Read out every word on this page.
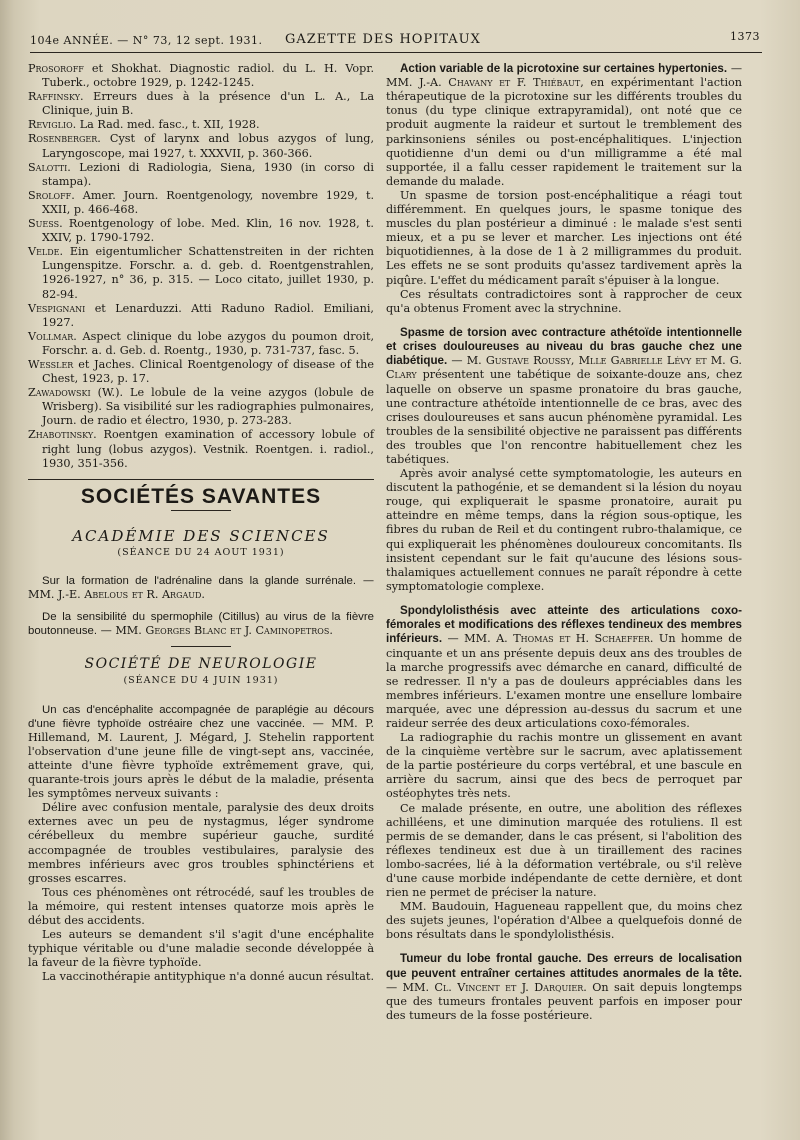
104e ANNÉE. — N° 73, 12 sept. 1931. GAZETTE DES HOPITAUX	1373

Prosoroff et Shokhat. Diagnostic radiol. du L. H. Vopr. Tuberk., octobre 1929, p. 1242-1245.

Raffinsky. Erreurs dues à la présence d'un L. A., La Clinique, juin B.

Reviglio. La Rad. med. fasc., t. XII, 1928.

Rosenberger. Cyst of larynx and lobus azygos of lung, Laryngoscope, mai 1927, t. XXXVII, p. 360-366.

Salotti. Lezioni di Radiologia, Siena, 1930 (in corso di stampa).

Sroloff. Amer. Journ. Roentgenology, novembre 1929, t. XXII, p. 466-468.

Suess. Roentgenology of lobe. Med. Klin, 16 nov. 1928, t. XXIV, p. 1790-1792.

Velde. Ein eigentumlicher Schattenstreiten in der richten Lungenspitze. Forschr. a. d. geb. d. Roentgenstrahlen, 1926-1927, n° 36, p. 315. — Loco citato, juillet 1930, p. 82-94.

Vespignani et Lenarduzzi. Atti Raduno Radiol. Emiliani, 1927.

Vollmar. Aspect clinique du lobe azygos du poumon droit, Forschr. a. d. Geb. d. Roentg., 1930, p. 731-737, fasc. 5.

Wessler et Jaches. Clinical Roentgenology of disease of the Chest, 1923, p. 17.

Zawadowski (W.). Le lobule de la veine azygos (lobule de Wrisberg). Sa visibilité sur les radiographies pulmonaires, Journ. de radio et électro, 1930, p. 273-283.

Zhabotinsky. Roentgen examination of accessory lobule of right lung (lobus azygos). Vestnik. Roentgen. i. radiol., 1930, 351-356.

SOCIÉTÉS SAVANTES
ACADÉMIE DES SCIENCES
(SÉANCE DU 24 AOUT 1931)

Sur la formation de l'adrénaline dans la glande surrénale. — MM. J.-E. Abelous et R. Argaud.

De la sensibilité du spermophile (Citillus) au virus de la fièvre boutonneuse. — MM. Georges Blanc et J. Caminopetros.

SOCIÉTÉ DE NEUROLOGIE
(SÉANCE DU 4 JUIN 1931)

Un cas d'encéphalite accompagnée de paraplégie au décours d'une fièvre typhoïde ostréaire chez une vaccinée. — MM. P. Hillemand, M. Laurent, J. Mégard, J. Stehelin rapportent l'observation d'une jeune fille de vingt-sept ans, vaccinée, atteinte d'une fièvre typhoïde extrêmement grave, qui, quarante-trois jours après le début de la maladie, présenta les symptômes nerveux suivants :

Délire avec confusion mentale, paralysie des deux droits externes avec un peu de nystagmus, léger syndrome cérébelleux du membre supérieur gauche, surdité accompagnée de troubles vestibulaires, paralysie des membres inférieurs avec gros troubles sphinctériens et grosses escarres.

Tous ces phénomènes ont rétrocédé, sauf les troubles de la mémoire, qui restent intenses quatorze mois après le début des accidents.

Les auteurs se demandent s'il s'agit d'une encéphalite typhique véritable ou d'une maladie seconde développée à la faveur de la fièvre typhoïde.

La vaccinothérapie antityphique n'a donné aucun résultat.

Action variable de la picrotoxine sur certaines hypertonies. — MM. J.-A. Chavany et F. Thiébaut, en expérimentant l'action thérapeutique de la picrotoxine sur les différents troubles du tonus (du type clinique extrapyramidal), ont noté que ce produit augmente la raideur et surtout le tremblement des parkinsoniens séniles ou post-encéphalitiques. L'injection quotidienne d'un demi ou d'un milligramme a été mal supportée, il a fallu cesser rapidement le traitement sur la demande du malade.

Un spasme de torsion post-encéphalitique a réagi tout différemment. En quelques jours, le spasme tonique des muscles du plan postérieur a diminué : le malade s'est senti mieux, et a pu se lever et marcher. Les injections ont été biquotidiennes, à la dose de 1 à 2 milligrammes du produit. Les effets ne se sont produits qu'assez tardivement après la piqûre. L'effet du médicament paraît s'épuiser à la longue.

Ces résultats contradictoires sont à rapprocher de ceux qu'a obtenus Froment avec la strychnine.

Spasme de torsion avec contracture athétoïde intentionnelle et crises douloureuses au niveau du bras gauche chez une diabétique. — M. Gustave Roussy, Mlle Gabrielle Lévy et M. G. Clary présentent une tabétique de soixante-douze ans, chez laquelle on observe un spasme pronatoire du bras gauche, une contracture athétoïde intentionnelle de ce bras, avec des crises douloureuses et sans aucun phénomène pyramidal. Les troubles de la sensibilité objective ne paraissent pas différents des troubles que l'on rencontre habituellement chez les tabétiques.

Après avoir analysé cette symptomatologie, les auteurs en discutent la pathogénie, et se demandent si la lésion du noyau rouge, qui expliquerait le spasme pronatoire, aurait pu atteindre en même temps, dans la région sous-optique, les fibres du ruban de Reil et du contingent rubro-thalamique, ce qui expliquerait les phénomènes douloureux concomitants. Ils insistent cependant sur le fait qu'aucune des lésions sous-thalamiques actuellement connues ne paraît répondre à cette symptomatologie complexe.

Spondylolisthésis avec atteinte des articulations coxo-fémorales et modifications des réflexes tendineux des membres inférieurs. — MM. A. Thomas et H. Schaeffer. Un homme de cinquante et un ans présente depuis deux ans des troubles de la marche progressifs avec démarche en canard, difficulté de se redresser. Il n'y a pas de douleurs appréciables dans les membres inférieurs. L'examen montre une ensellure lombaire marquée, avec une dépression au-dessus du sacrum et une raideur serrée des deux articulations coxo-fémorales.

La radiographie du rachis montre un glissement en avant de la cinquième vertèbre sur le sacrum, avec aplatissement de la partie postérieure du corps vertébral, et une bascule en arrière du sacrum, ainsi que des becs de perroquet par ostéophytes très nets.

Ce malade présente, en outre, une abolition des réflexes achilléens, et une diminution marquée des rotuliens. Il est permis de se demander, dans le cas présent, si l'abolition des réflexes tendineux est due à un tiraillement des racines lombo-sacrées, lié à la déformation vertébrale, ou s'il relève d'une cause morbide indépendante de cette dernière, et dont rien ne permet de préciser la nature.

MM. Baudouin, Hagueneau rappellent que, du moins chez des sujets jeunes, l'opération d'Albee a quelquefois donné de bons résultats dans le spondylolisthésis.

Tumeur du lobe frontal gauche. Des erreurs de localisation que peuvent entraîner certaines attitudes anormales de la tête. — MM. Cl. Vincent et J. Darquier. On sait depuis longtemps que des tumeurs frontales peuvent parfois en imposer pour des tumeurs de la fosse postérieure.
